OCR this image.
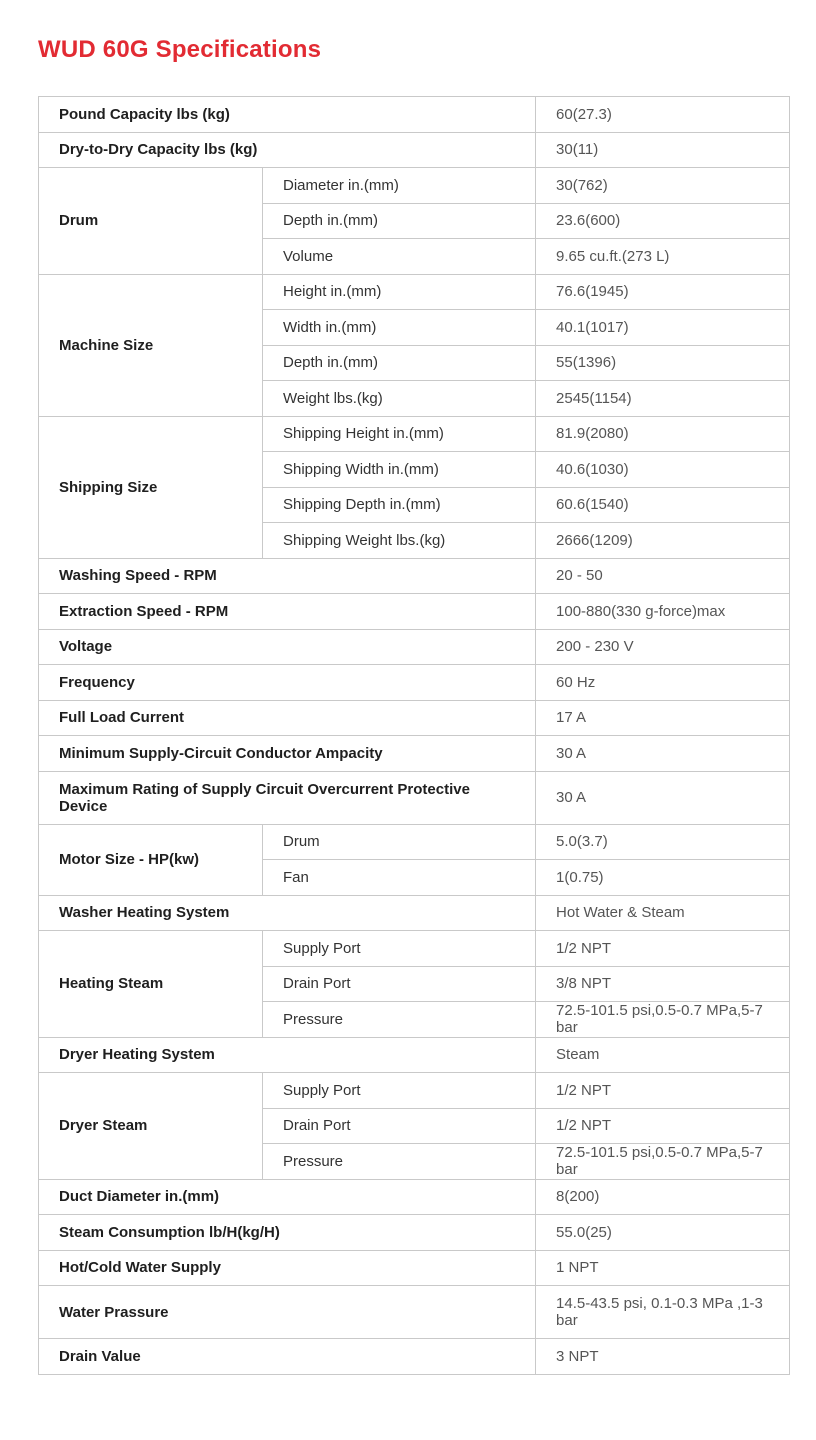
WUD 60G Specifications
Pound Capacity lbs (kg)		60(27.3)
Dry-to-Dry Capacity lbs (kg)		30(11)
Drum	Diameter in.(mm)	30(762)
	Depth in.(mm)	23.6(600)
	Volume	9.65 cu.ft.(273 L)
Machine Size	Height in.(mm)	76.6(1945)
	Width in.(mm)	40.1(1017)
	Depth in.(mm)	55(1396)
	Weight lbs.(kg)	2545(1154)
Shipping Size	Shipping Height in.(mm)	81.9(2080)
	Shipping Width in.(mm)	40.6(1030)
	Shipping Depth in.(mm)	60.6(1540)
	Shipping Weight lbs.(kg)	2666(1209)
Washing Speed - RPM		20 - 50
Extraction Speed - RPM		100-880(330 g-force)max
Voltage		200 - 230 V
Frequency		60 Hz
Full Load Current		17 A
Minimum Supply-Circuit Conductor Ampacity		30 A
Maximum Rating of Supply Circuit Overcurrent Protective Device		30 A
Motor Size - HP(kw)	Drum	5.0(3.7)
	Fan	1(0.75)
Washer Heating System		Hot Water & Steam
Heating Steam	Supply Port	1/2 NPT
	Drain Port	3/8 NPT
	Pressure	72.5-101.5 psi,0.5-0.7 MPa,5-7 bar
Dryer Heating System		Steam
Dryer Steam	Supply Port	1/2 NPT
	Drain Port	1/2 NPT
	Pressure	72.5-101.5 psi,0.5-0.7 MPa,5-7 bar
Duct Diameter in.(mm)		8(200)
Steam Consumption lb/H(kg/H)		55.0(25)
Hot/Cold Water Supply		1 NPT
Water Prassure		14.5-43.5 psi, 0.1-0.3 MPa ,1-3 bar
Drain Value		3 NPT
